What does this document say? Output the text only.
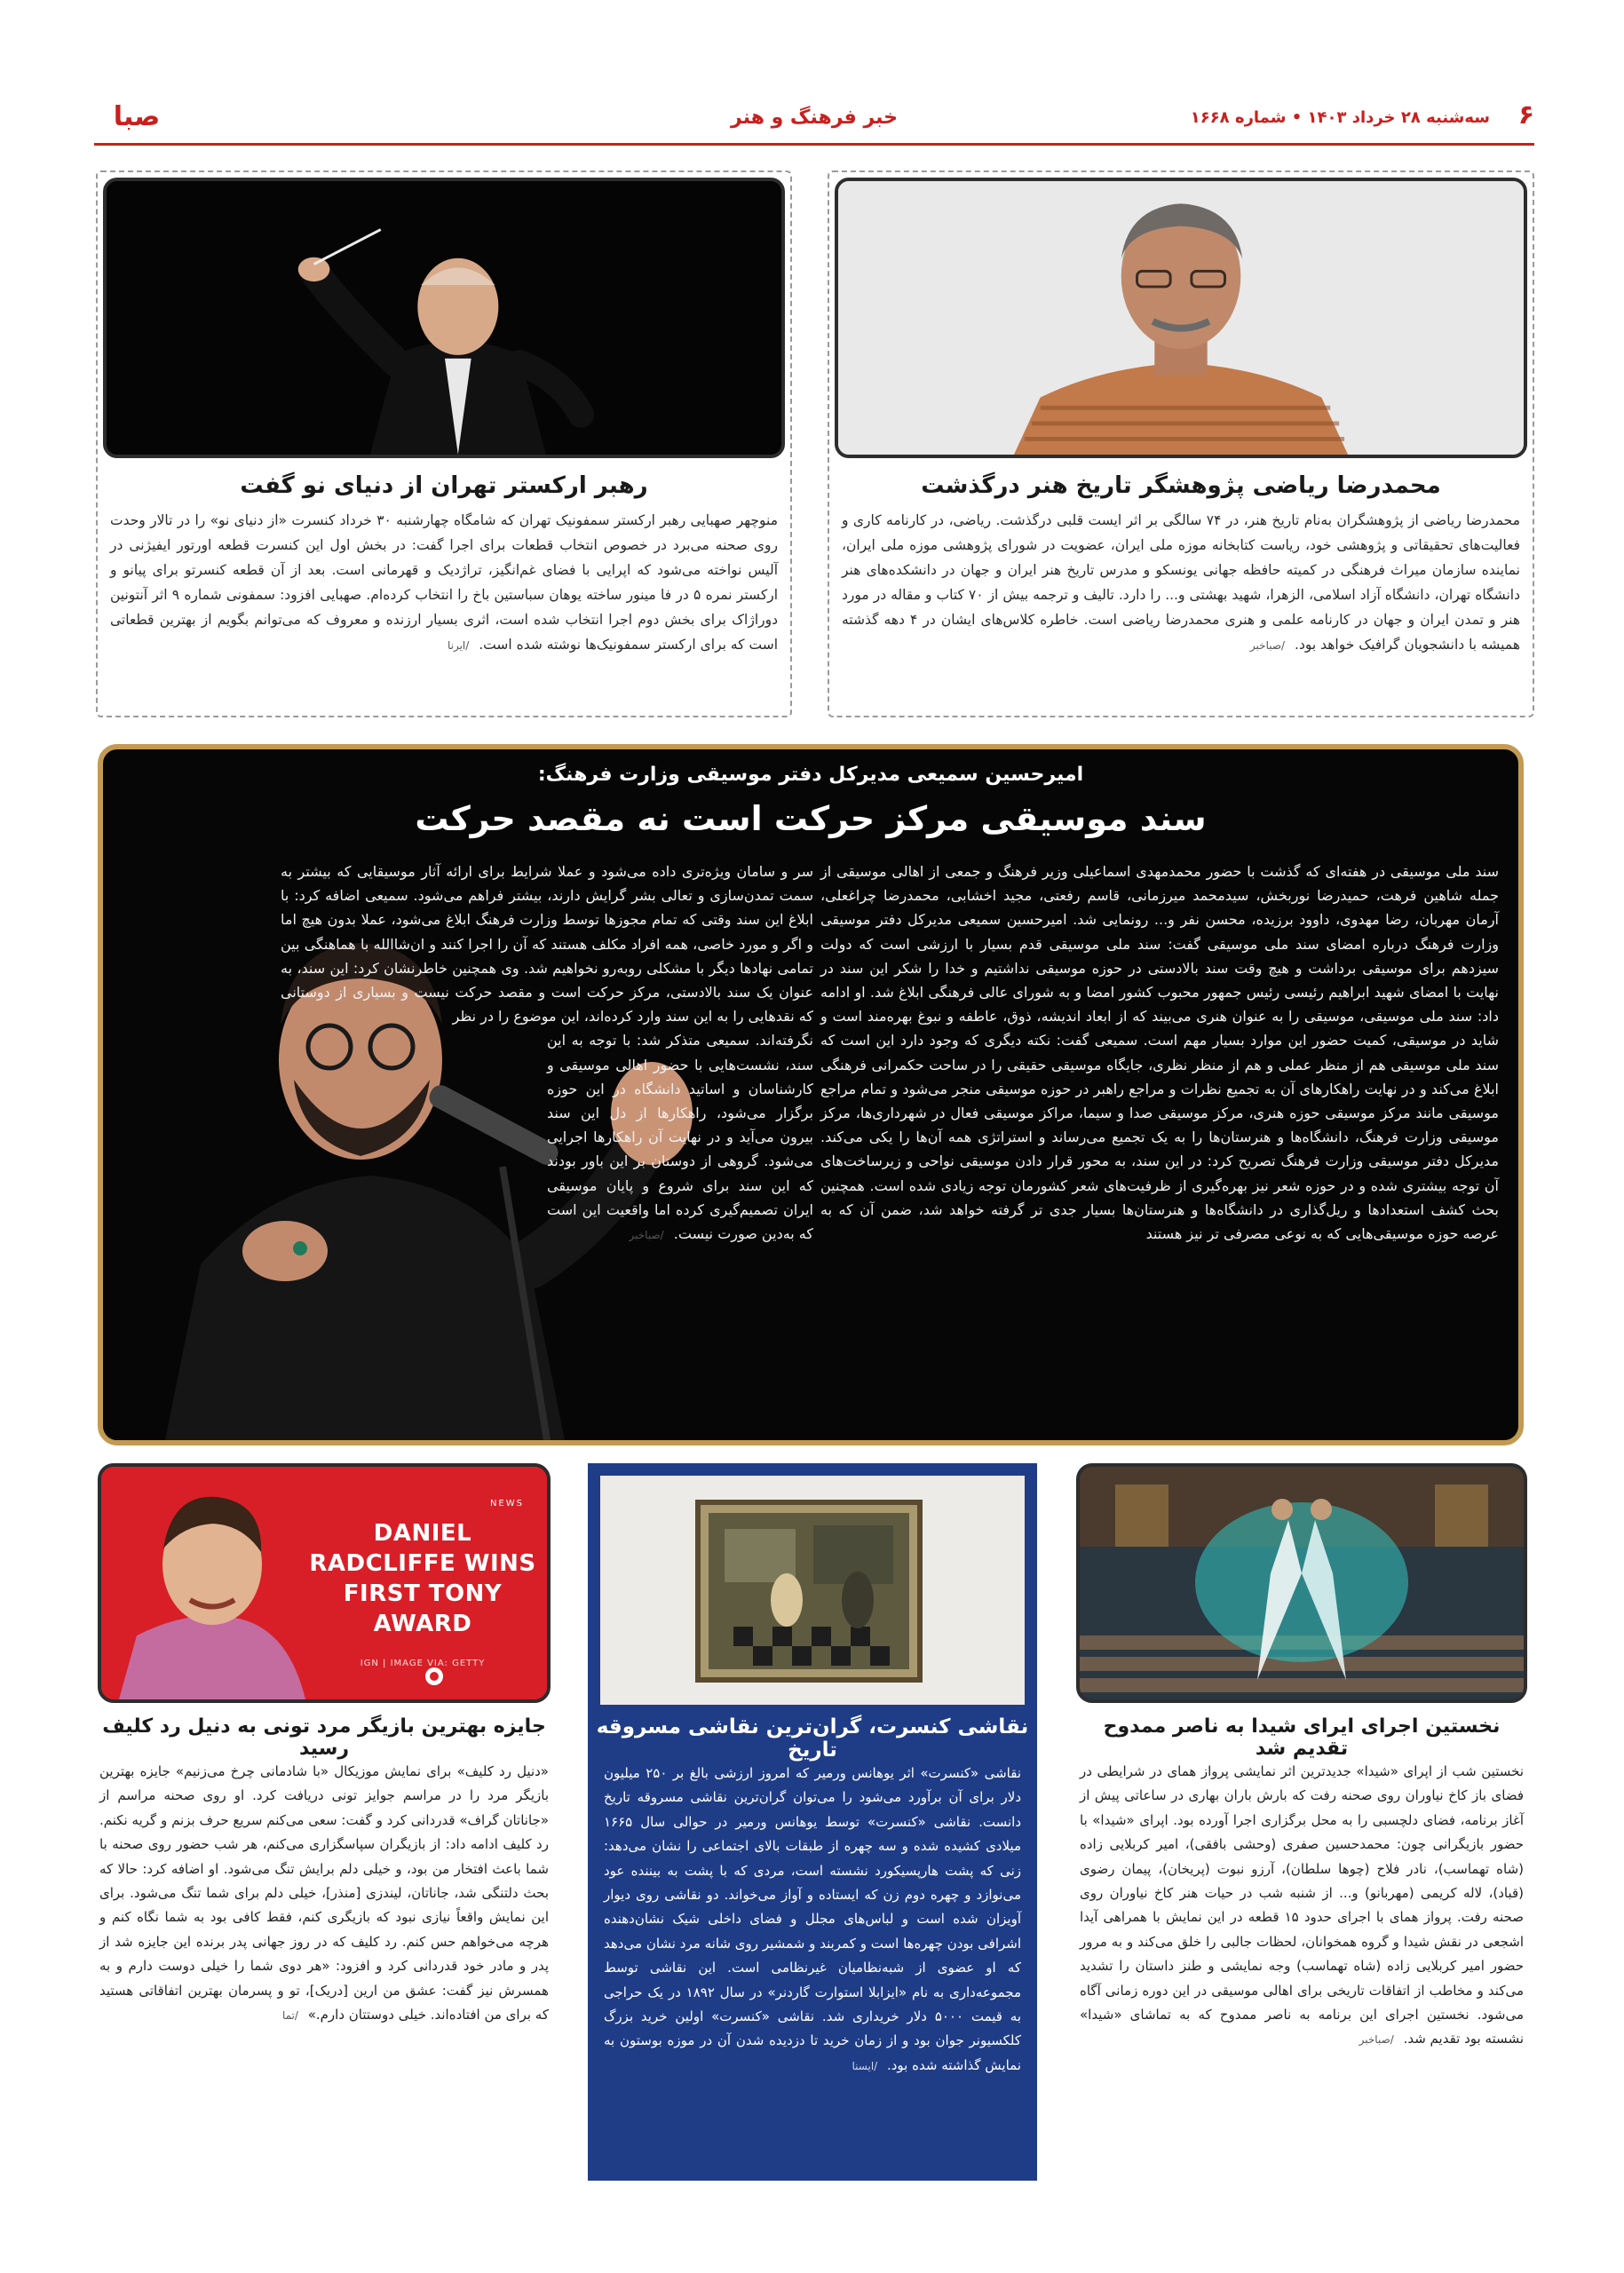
۶
سه‌شنبه ۲۸ خرداد ۱۴۰۳ • شماره ۱۶۶۸
خبر فرهنگ و هنر
صبا
محمدرضا ریاضی پژوهشگر تاریخ هنر درگذشت
محمدرضا ریاضی از پژوهشگران به‌نام تاریخ هنر، در ۷۴ سالگی بر اثر ایست قلبی درگذشت. ریاضی، در کارنامه کاری و فعالیت‌های تحقیقاتی و پژوهشی خود، ریاست کتابخانه موزه ملی ایران، عضویت در شورای پژوهشی موزه ملی ایران، نماینده سازمان میراث فرهنگی در کمیته حافظه جهانی یونسکو و مدرس تاریخ هنر ایران و جهان در دانشکده‌های هنر دانشگاه تهران، دانشگاه آزاد اسلامی، الزهرا، شهید بهشتی و... را دارد. تالیف و ترجمه بیش از ۷۰ کتاب و مقاله در مورد هنر و تمدن ایران و جهان در کارنامه علمی و هنری محمدرضا ریاضی است. خاطره کلاس‌های ایشان در ۴ دهه گذشته همیشه با دانشجویان گرافیک خواهد بود. /صباخبر
رهبر ارکستر تهران از دنیای نو گفت
منوچهر صهبایی رهبر ارکستر سمفونیک تهران که شامگاه چهارشنبه ۳۰ خرداد کنسرت «از دنیای نو» را در تالار وحدت روی صحنه می‌برد در خصوص انتخاب قطعات برای اجرا گفت: در بخش اول این کنسرت قطعه اورتور ایفیژنی در آلیس نواخته می‌شود که اپرایی با فضای غم‌انگیز، تراژدیک و قهرمانی است. بعد از آن قطعه کنسرتو برای پیانو و ارکستر نمره ۵ در فا مینور ساخته یوهان سباستین باخ را انتخاب کرده‌ام. صهبایی افزود: سمفونی شماره ۹ اثر آنتونین دوراژاک برای بخش دوم اجرا انتخاب شده است، اثری بسیار ارزنده و معروف که می‌توانم بگویم از بهترین قطعاتی است که برای ارکستر سمفونیک‌ها نوشته شده است. /ایرنا
امیرحسین سمیعی مدیرکل دفتر موسیقی وزارت فرهنگ:
سند موسیقی مرکز حرکت است نه مقصد حرکت
سند ملی موسیقی در هفته‌ای که گذشت با حضور محمدمهدی اسماعیلی وزیر فرهنگ و جمعی از اهالی موسیقی از جمله شاهین فرهت، حمیدرضا نوربخش، سیدمحمد میرزمانی، قاسم رفعتی، مجید اخشابی، محمدرضا چراغعلی، آرمان مهربان، رضا مهدوی، داوود برزیده، محسن نفر و... رونمایی شد. امیرحسین سمیعی مدیرکل دفتر موسیقی وزارت فرهنگ درباره امضای سند ملی موسیقی گفت: سند ملی موسیقی قدم بسیار با ارزشی است که دولت سیزدهم برای موسیقی برداشت و هیچ وقت سند بالادستی در حوزه موسیقی نداشتیم و خدا را شکر این سند در نهایت با امضای شهید ابراهیم رئیسی رئیس جمهور محبوب کشور امضا و به شورای عالی فرهنگی ابلاغ شد. او ادامه داد: سند ملی موسیقی، موسیقی را به عنوان هنری می‌بیند که از ابعاد اندیشه، ذوق، عاطفه و نبوغ بهره‌مند است و شاید در موسیقی، کمیت حضور این موارد بسیار مهم است. سمیعی گفت: نکته دیگری که وجود دارد این است که سند ملی موسیقی هم از منظر عملی و هم از منظر نظری، جایگاه موسیقی حقیقی را در ساحت حکمرانی فرهنگی ابلاغ می‌کند و در نهایت راهکارهای آن به تجمیع نظرات و مراجع راهبر در حوزه موسیقی منجر می‌شود و تمام مراجع موسیقی مانند مرکز موسیقی حوزه هنری، مرکز موسیقی صدا و سیما، مراکز موسیقی فعال در شهرداری‌ها، مرکز موسیقی وزارت فرهنگ، دانشگاه‌ها و هنرستان‌ها را به یک تجمیع می‌رساند و استراتژی همه آن‌ها را یکی می‌کند. مدیرکل دفتر موسیقی وزارت فرهنگ تصریح کرد: در این سند، به محور قرار دادن موسیقی نواحی و زیرساخت‌های آن توجه بیشتری شده و در حوزه شعر نیز بهره‌گیری از ظرفیت‌های شعر کشورمان توجه زیادی شده است. همچنین بحث کشف استعدادها و ریل‌گذاری در دانشگاه‌ها و هنرستان‌ها بسیار جدی تر گرفته خواهد شد، ضمن آن که به عرصه حوزه موسیقی‌هایی که به نوعی مصرفی تر نیز هستند
سر و سامان ویژه‌تری داده می‌شود و عملا شرایط برای ارائه آثار موسیقایی که بیشتر به سمت تمدن‌سازی و تعالی بشر گرایش دارند، بیشتر فراهم می‌شود. سمیعی اضافه کرد: با ابلاغ این سند وقتی که تمام مجوزها توسط وزارت فرهنگ ابلاغ می‌شود، عملا بدون هیچ اما و اگر و مورد خاصی، همه افراد مکلف هستند که آن را اجرا کنند و ان‌شاالله با هماهنگی بین تمامی نهادها دیگر با مشکلی روبه‌رو نخواهیم شد. وی همچنین خاطرنشان کرد: این سند، به عنوان یک سند بالادستی، مرکز حرکت است و مقصد حرکت نیست و بسیاری از دوستانی که نقدهایی را به این سند وارد کرده‌اند، این موضوع را در نظر
نگرفته‌اند. سمیعی متذکر شد: با توجه به این سند، نشست‌هایی با حضور اهالی موسیقی و کارشناسان و اساتید دانشگاه در این حوزه برگزار می‌شود، راهکارها از دل این سند بیرون می‌آید و در نهایت آن راهکارها اجرایی می‌شود. گروهی از دوستان بر این باور بودند که این سند برای شروع و پایان موسیقی ایران تصمیم‌گیری کرده اما واقعیت این است که به‌دین صورت نیست. /صباخبر
نخستین اجرای ایرای شیدا به ناصر ممدوح تقدیم شد
نخستین شب از اپرای «شیدا» جدیدترین اثر نمایشی پرواز همای در شرایطی در فضای باز کاخ نیاوران روی صحنه رفت که بارش باران بهاری در ساعاتی پیش از آغاز برنامه، فضای دلچسبی را به محل برگزاری اجرا آورده بود. اپرای «شیدا» با حضور بازیگرانی چون: محمدحسین صفری (وحشی بافقی)، امیر کربلایی زاده (شاه تهماسب)، نادر فلاح (چوها سلطان)، آرزو نبوت (پریخان)، پیمان رضوی (قباد)، لاله کریمی (مهربانو) و... از شنبه شب در حیات هنر کاخ نیاوران روی صحنه رفت. پرواز همای با اجرای حدود ۱۵ قطعه در این نمایش با همراهی آیدا اشجعی در نقش شیدا و گروه همخوانان، لحظات جالبی را خلق می‌کند و به مرور حضور امیر کربلایی زاده (شاه تهماسب) وجه نمایشی و طنز داستان را تشدید می‌کند و مخاطب از اتفاقات تاریخی برای اهالی موسیقی در این دوره زمانی آگاه می‌شود. نخستین اجرای این برنامه به ناصر ممدوح که به تماشای «شیدا» نشسته بود تقدیم شد. /صباخبر
نقاشی کنسرت، گران‌ترین نقاشی مسروقه تاریخ
نقاشی «کنسرت» اثر یوهانس ورمیر که امروز ارزشی بالغ بر ۲۵۰ میلیون دلار برای آن برآورد می‌شود را می‌توان گران‌ترین نقاشی مسروقه تاریخ دانست. نقاشی «کنسرت» توسط یوهانس ورمیر در حوالی سال ۱۶۶۵ میلادی کشیده شده و سه چهره از طبقات بالای اجتماعی را نشان می‌دهد: زنی که پشت هارپسیکورد نشسته است، مردی که با پشت به بیننده عود می‌نوازد و چهره دوم زن که ایستاده و آواز می‌خواند. دو نقاشی روی دیوار آویزان شده است و لباس‌های مجلل و فضای داخلی شیک نشان‌دهنده اشرافی بودن چهره‌ها است و کمربند و شمشیر روی شانه مرد نشان می‌دهد که او عضوی از شبه‌نظامیان غیرنظامی است. این نقاشی توسط مجموعه‌داری به نام «ایزابلا استوارت گاردنر» در سال ۱۸۹۲ در یک حراجی به قیمت ۵۰۰۰ دلار خریداری شد. نقاشی «کنسرت» اولین خرید بزرگ کلکسیونر جوان بود و از زمان خرید تا دزدیده شدن آن در موزه بوستون به نمایش گذاشته شده بود. /ایسنا
NEWS
DANIEL RADCLIFFE WINS FIRST TONY AWARD
IGN | IMAGE VIA: GETTY
جایزه بهترین بازیگر مرد تونی به دنیل رد کلیف رسید
«دنیل رد کلیف» برای نمایش موزیکال «با شادمانی چرخ می‌زنیم» جایزه بهترین بازیگر مرد را در مراسم جوایز تونی دریافت کرد. او روی صحنه مراسم از «جاناتان گراف» قدردانی کرد و گفت: سعی می‌کنم سریع حرف بزنم و گریه نکنم. رد کلیف ادامه داد: از بازیگران سپاسگزاری می‌کنم، هر شب حضور روی صحنه با شما باعث افتخار من بود، و خیلی دلم برایش تنگ می‌شود. او اضافه کرد: حالا که بحث دلتنگی شد، جاناتان، لیندزی [منذر]، خیلی دلم برای شما تنگ می‌شود. برای این نمایش واقعاً نیازی نبود که بازیگری کنم، فقط کافی بود به شما نگاه کنم و هرچه می‌خواهم حس کنم. رد کلیف که در روز جهانی پدر برنده این جایزه شد از پدر و مادر خود قدردانی کرد و افزود: «هر دوی شما را خیلی دوست دارم و به همسرش نیز گفت: عشق من ارین [دریک]، تو و پسرمان بهترین اتفاقاتی هستید که برای من افتاده‌اند. خیلی دوستتان دارم.» /تما
